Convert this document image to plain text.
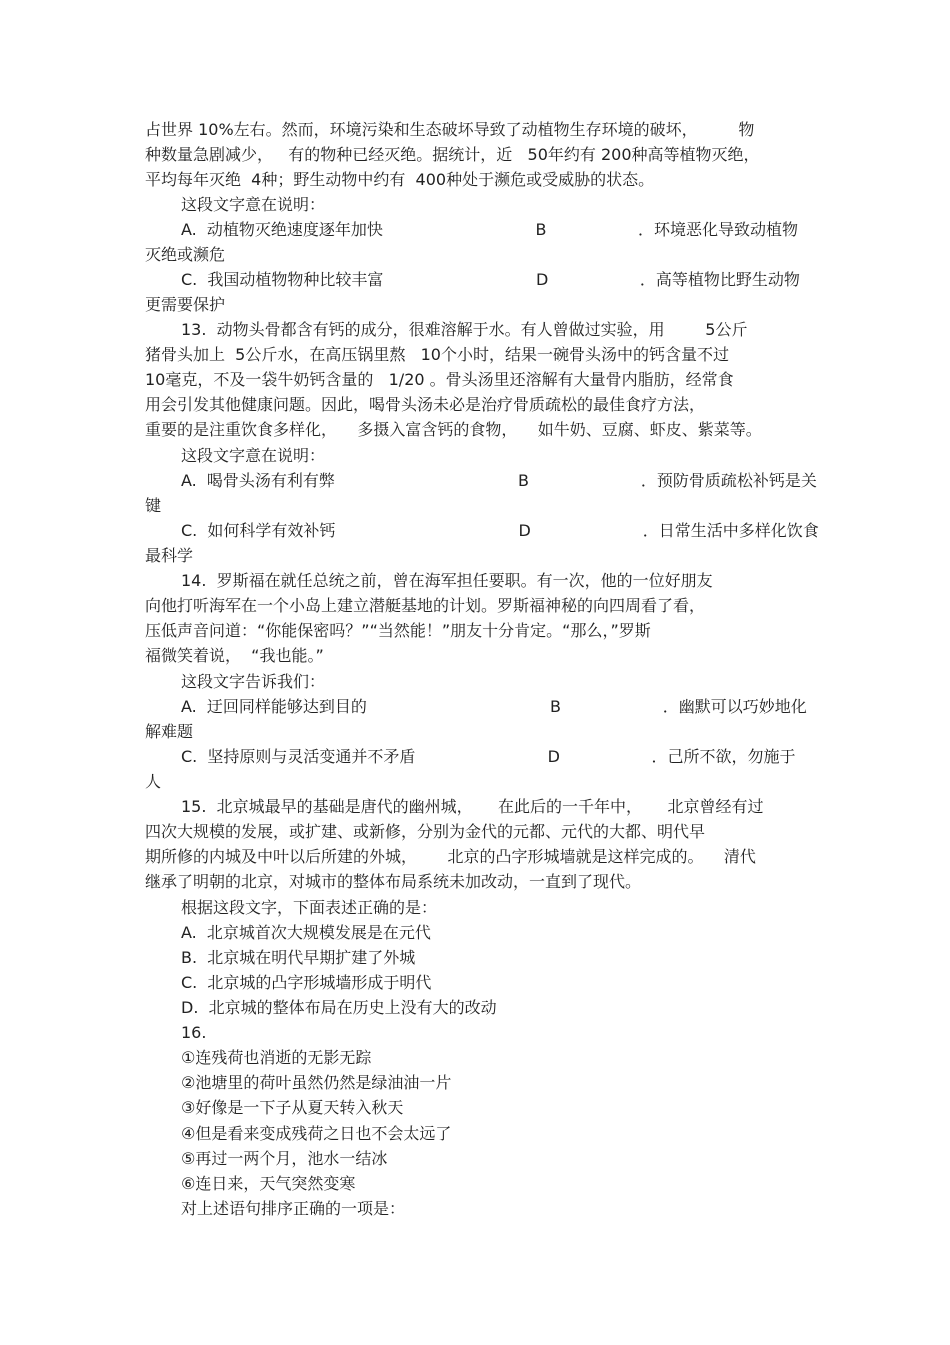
占世界 10%左右。然而，环境污染和生态破坏导致了动植物生存环境的破坏，        物
种数量急剧减少，   有的物种已经灭绝。据统计，近   50年约有 200种高等植物灭绝，
平均每年灭绝  4种；野生动物中约有  400种处于濒危或受威胁的状态。
这段文字意在说明：
A.  动植物灭绝速度逐年加快                              B                  ．环境恶化导致动植物
灭绝或濒危
C.  我国动植物物种比较丰富                              D                  ．高等植物比野生动物
更需要保护
13.  动物头骨都含有钙的成分，很难溶解于水。有人曾做过实验，用        5公斤
猪骨头加上  5公斤水，在高压锅里熬   10个小时，结果一碗骨头汤中的钙含量不过
10毫克，不及一袋牛奶钙含量的   1/20 。骨头汤里还溶解有大量骨内脂肪，经常食
用会引发其他健康问题。因此，喝骨头汤未必是治疗骨质疏松的最佳食疗方法，
重要的是注重饮食多样化，    多摄入富含钙的食物，    如牛奶、豆腐、虾皮、紫菜等。
这段文字意在说明：
A.  喝骨头汤有利有弊                                    B                      ．预防骨质疏松补钙是关
键
C.  如何科学有效补钙                                    D                      ．日常生活中多样化饮食
最科学
14.  罗斯福在就任总统之前，曾在海军担任要职。有一次，他的一位好朋友
向他打听海军在一个小岛上建立潜艇基地的计划。罗斯福神秘的向四周看了看，
压低声音问道：“你能保密吗？”“当然能！”朋友十分肯定。“那么，”罗斯
福微笑着说，  “我也能。”
这段文字告诉我们：
A.  迂回同样能够达到目的                                    B                    ．幽默可以巧妙地化
解难题
C.  坚持原则与灵活变通并不矛盾                          D                  ．己所不欲，勿施于
人
15.  北京城最早的基础是唐代的幽州城，     在此后的一千年中，     北京曾经有过
四次大规模的发展，或扩建、或新修，分别为金代的元都、元代的大都、明代早
期所修的内城及中叶以后所建的外城，      北京的凸字形城墙就是这样完成的。    清代
继承了明朝的北京，对城市的整体布局系统未加改动，一直到了现代。
根据这段文字，下面表述正确的是：
A.  北京城首次大规模发展是在元代
B.  北京城在明代早期扩建了外城
C.  北京城的凸字形城墙形成于明代
D.  北京城的整体布局在历史上没有大的改动
16.
①连残荷也消逝的无影无踪
②池塘里的荷叶虽然仍然是绿油油一片
③好像是一下子从夏天转入秋天
④但是看来变成残荷之日也不会太远了
⑤再过一两个月，池水一结冰
⑥连日来，天气突然变寒
对上述语句排序正确的一项是：
